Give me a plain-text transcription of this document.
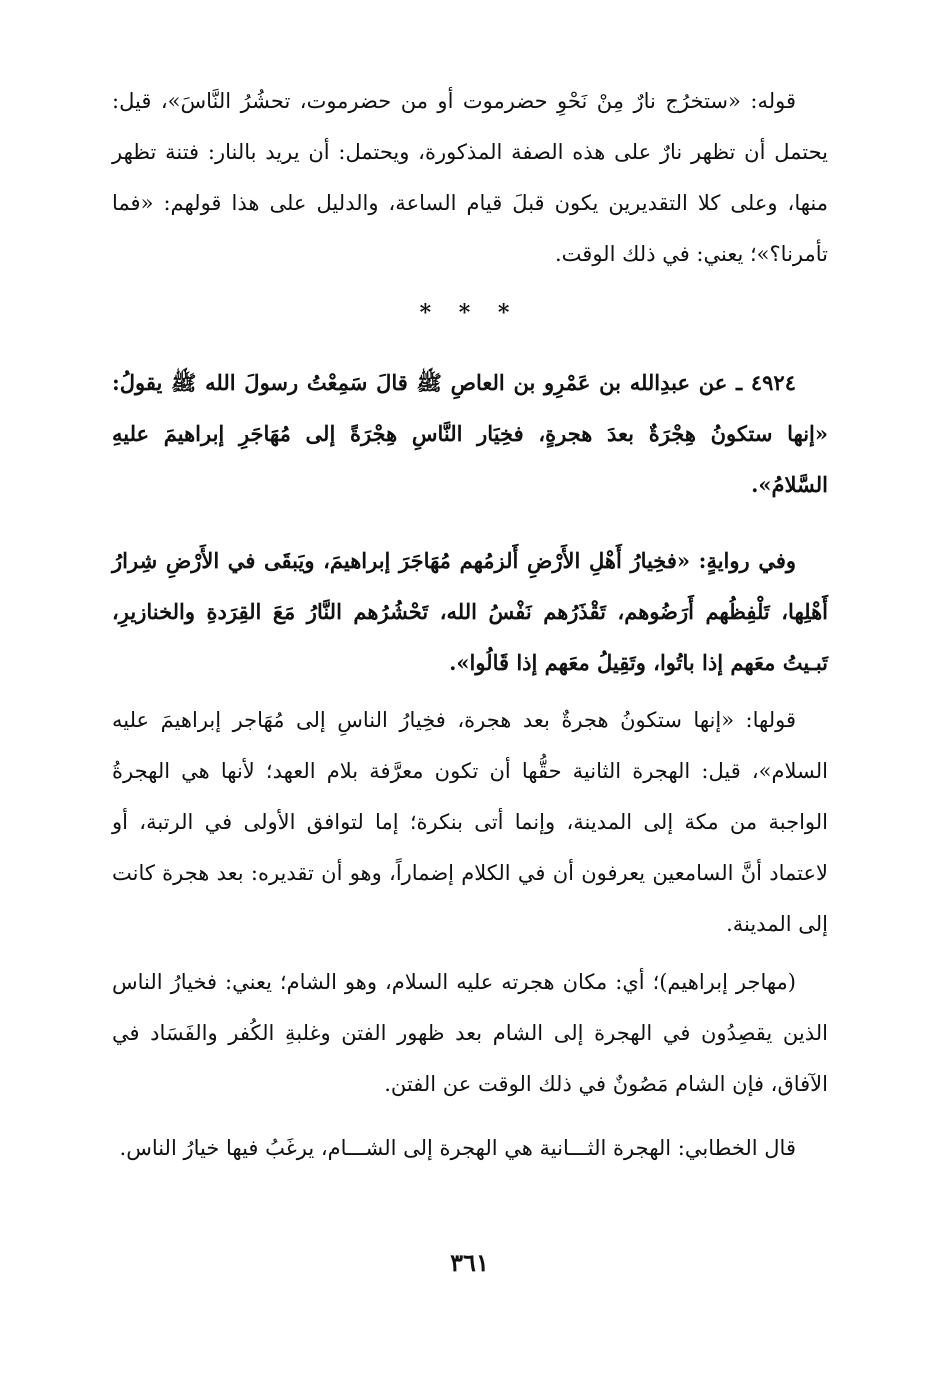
قوله: «ستخرُج نارٌ مِنْ نَحْوِ حضرموت أو من حضرموت، تحشُرُ النَّاسَ»، قيل: يحتمل أن تظهر نارٌ على هذه الصفة المذكورة، ويحتمل: أن يريد بالنار: فتنة تظهر منها، وعلى كلا التقديرين يكون قبلَ قيام الساعة، والدليل على هذا قولهم: «فما تأمرنا؟»؛ يعني: في ذلك الوقت.

* * *

٤٩٢٤ ـ عن عبدِالله بن عَمْرِو بن العاصِ ﷺ قالَ سَمِعْتُ رسولَ الله ﷺ يقولُ: «إنها ستكونُ هِجْرَةٌ بعدَ هجرةٍ، فخِيَار النَّاسِ هِجْرَةً إلى مُهَاجَرِ إبراهيمَ عليهِ السَّلامُ».

وفي روايةٍ: «فخِيارُ أَهْلِ الأَرْضِ أَلزمُهم مُهَاجَرَ إبراهيمَ، ويَبقَى في الأَرْضِ شِرارُ أَهْلِها، تَلْفِظُهم أَرَضُوهم، تَقْذَرُهم نَفْسُ الله، تَحْشُرُهم النَّارُ مَعَ القِرَدةِ والخنازيرِ، تَبـيتُ معَهم إذا باتُوا، وتَقِيلُ معَهم إذا قَالُوا».

قولها: «إنها ستكونُ هجرةٌ بعد هجرة، فخِيارُ الناسِ إلى مُهَاجر إبراهيمَ عليه السلام»، قيل: الهجرة الثانية حقُّها أن تكون معرَّفة بلام العهد؛ لأنها هي الهجرةُ الواجبة من مكة إلى المدينة، وإنما أتى بنكرة؛ إما لتوافق الأولى في الرتبة، أو لاعتماد أنَّ السامعين يعرفون أن في الكلام إضماراً، وهو أن تقديره: بعد هجرة كانت إلى المدينة.

(مهاجر إبراهيم)؛ أي: مكان هجرته عليه السلام، وهو الشام؛ يعني: فخيارُ الناس الذين يقصِدُون في الهجرة إلى الشام بعد ظهور الفتن وغلبةِ الكُفر والفَسَاد في الآفاق، فإن الشام مَصُونٌ في ذلك الوقت عن الفتن.

قال الخطابي: الهجرة الثـــانية هي الهجرة إلى الشـــام، يرغَبُ فيها خيارُ الناس.

٣٦١
